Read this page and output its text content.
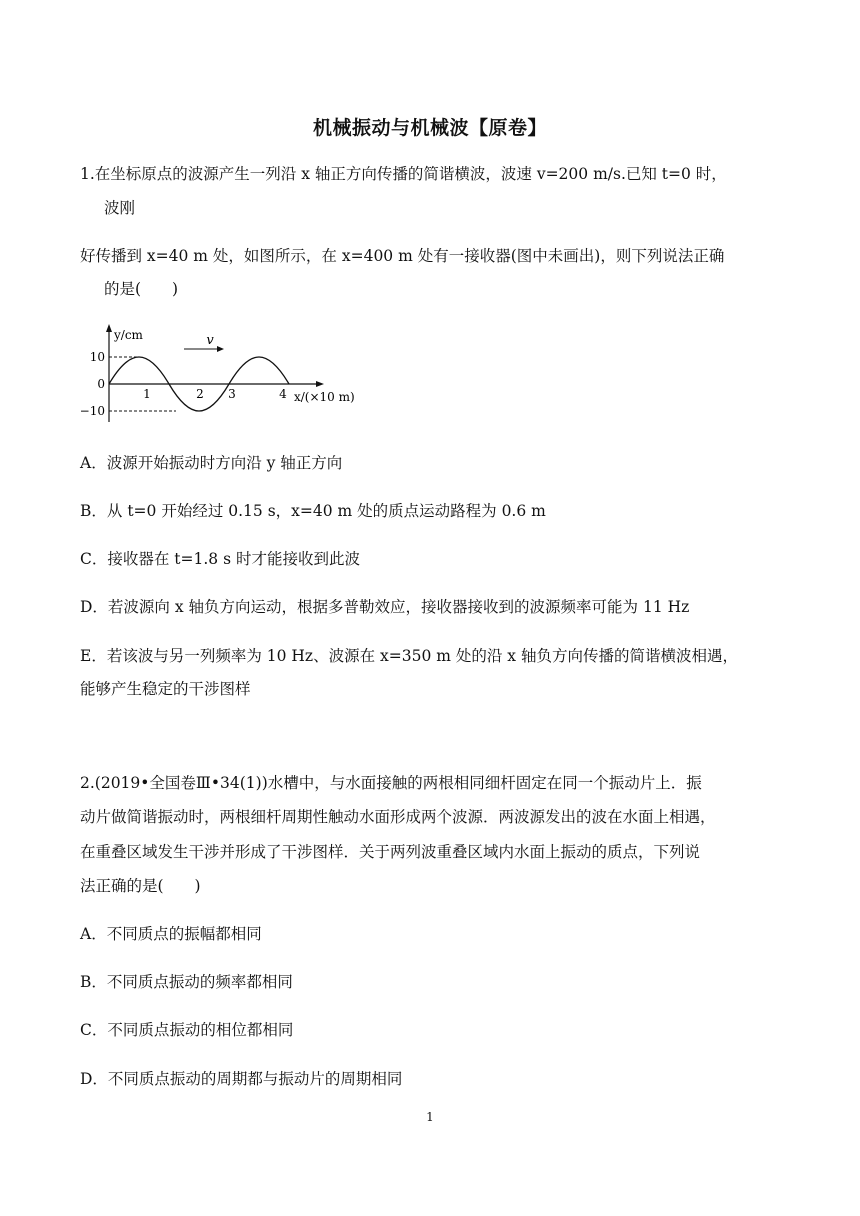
机械振动与机械波【原卷】
1.在坐标原点的波源产生一列沿 x 轴正方向传播的简谐横波，波速 v=200 m/s.已知 t=0 时，
波刚
好传播到 x=40 m 处，如图所示，在 x=400 m 处有一接收器(图中未画出)，则下列说法正确
的是(　　)
v
y/cm
x/(×10 m)
10
0
−10
1	2 3	4
A．波源开始振动时方向沿 y 轴正方向
B．从 t=0 开始经过 0.15 s，x=40 m 处的质点运动路程为 0.6 m
C．接收器在 t=1.8 s 时才能接收到此波
D．若波源向 x 轴负方向运动，根据多普勒效应，接收器接收到的波源频率可能为 11 Hz
E．若该波与另一列频率为 10 Hz、波源在 x=350 m 处的沿 x 轴负方向传播的简谐横波相遇，
能够产生稳定的干涉图样
2.(2019•全国卷Ⅲ•34(1))水槽中，与水面接触的两根相同细杆固定在同一个振动片上．振
动片做简谐振动时，两根细杆周期性触动水面形成两个波源．两波源发出的波在水面上相遇，
在重叠区域发生干涉并形成了干涉图样．关于两列波重叠区域内水面上振动的质点，下列说
法正确的是(　　)
A．不同质点的振幅都相同
B．不同质点振动的频率都相同
C．不同质点振动的相位都相同
D．不同质点振动的周期都与振动片的周期相同
1
